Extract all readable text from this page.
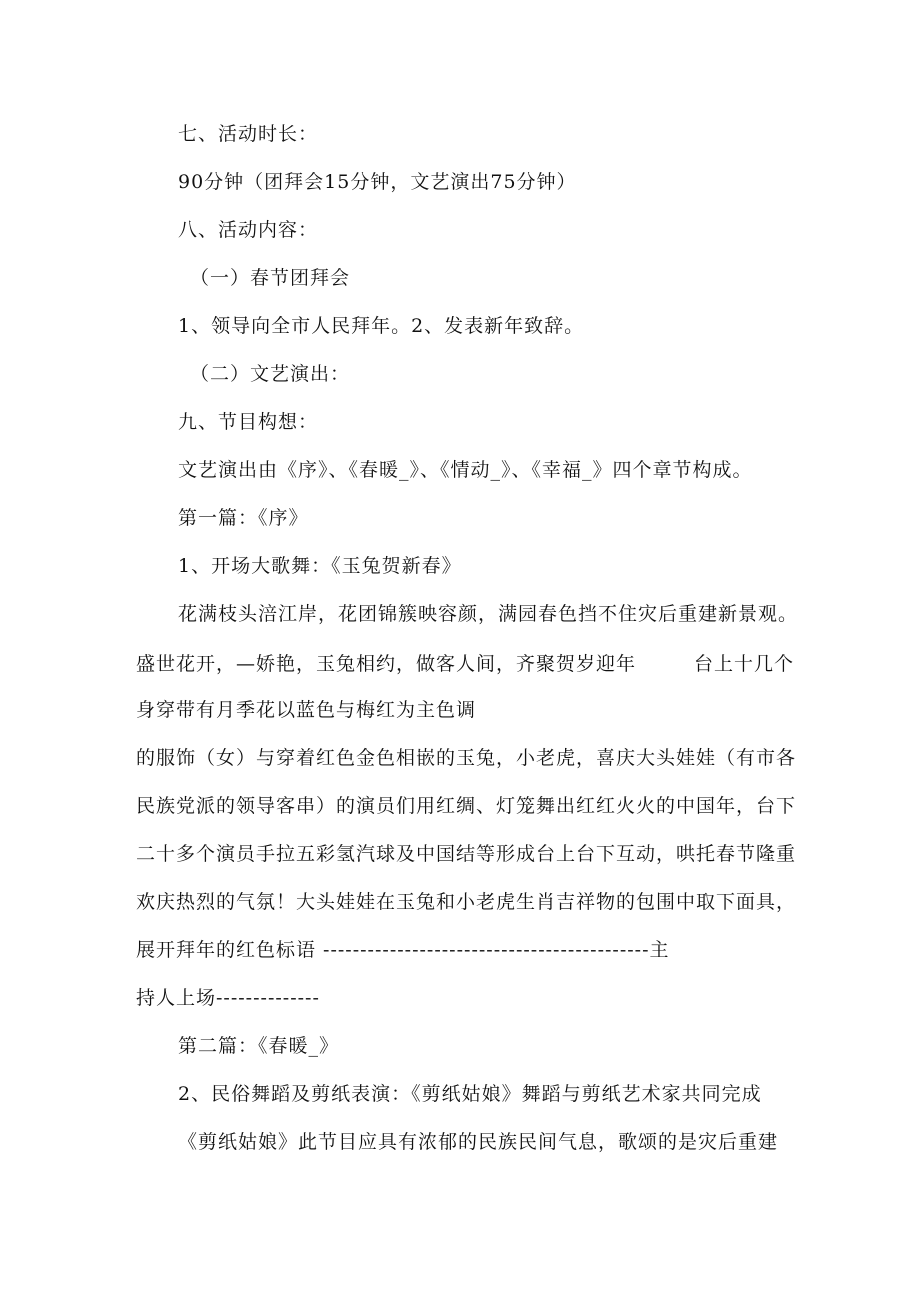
七、活动时长：
90分钟（团拜会15分钟，文艺演出75分钟）
八、活动内容：
（一）春节团拜会
1、领导向全市人民拜年。2、发表新年致辞。
（二）文艺演出：
九、节目构想：
文艺演出由《序》、《春暖_》、《情动_》、《幸福_》四个章节构成。
第一篇：《序》
1、开场大歌舞：《玉兔贺新春》
花满枝头涪江岸，花团锦簇映容颜，满园春色挡不住灾后重建新景观。
盛世花开，—娇艳，玉兔相约，做客人间，齐聚贺岁迎年	台上十几个
身穿带有月季花以蓝色与梅红为主色调
的服饰（女）与穿着红色金色相嵌的玉兔，小老虎，喜庆大头娃娃（有市各
民族党派的领导客串）的演员们用红绸、灯笼舞出红红火火的中国年，台下
二十多个演员手拉五彩氢汽球及中国结等形成台上台下互动，哄托春节隆重
欢庆热烈的气氛！大头娃娃在玉兔和小老虎生肖吉祥物的包围中取下面具，
展开拜年的红色标语 --------------------------------------------主
持人上场--------------
第二篇：《春暖_》
2、民俗舞蹈及剪纸表演：《剪纸姑娘》舞蹈与剪纸艺术家共同完成
《剪纸姑娘》此节目应具有浓郁的民族民间气息，歌颂的是灾后重建
